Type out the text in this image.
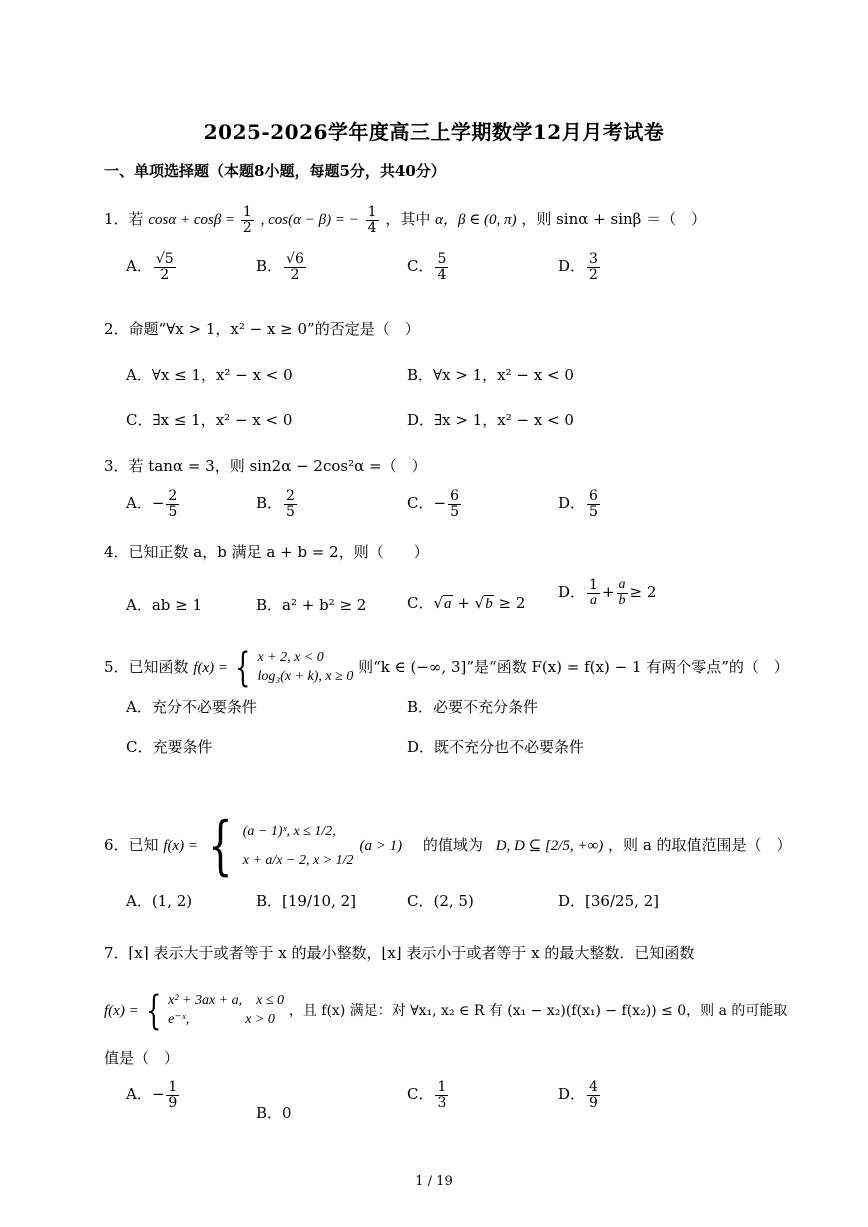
2025-2026学年度高三上学期数学12月月考试卷
一、单项选择题（本题8小题，每题5分，共40分）
1．若 $\cos\alpha + \cos\beta = \frac{1}{2}$ , cos(α − β) = − $\frac{1}{4}$ ，其中 α，β ∈ (0, π) ，则 sinα + sinβ ＝（　）
A． $\frac{√5}{2}$	B． $\frac{√6}{2}$	C． $\frac{5}{4}$	D． $\frac{3}{2}$
2．命题“∀x > 1，x² − x ≥ 0”的否定是（　）
A．∀x ≤ 1，x² − x < 0	B．∀x > 1，x² − x < 0
C．∃x ≤ 1，x² − x < 0	D．∃x > 1，x² − x < 0
3．若 tanα = 3，则 sin2α − 2cos²α =（　）
A．− $\frac{2}{5}$	B． $\frac{2}{5}$	C．− $\frac{6}{5}$	D． $\frac{6}{5}$
4．已知正数 a，b 满足 a + b = 2，则（　　）
A．ab ≥ 1	B．a² + b² ≥ 2	C．√a + √b ≥ 2
D． $\frac{1}{a} + \frac{a}{b} \ge 2$
5．已知函数 f(x) = { x + 2, x < 0
log₃(x + k), x ≥ 0
则“k ∈ (−∞, 3]”是“函数 F(x) = f(x) − 1 有两个零点”的（　）
A．充分不必要条件	B．必要不充分条件
C．充要条件	D．既不充分也不必要条件
6．已知 f(x) = { (a − 1)ˣ, x ≤ 1/2,
x + a/x − 2, x > 1/2
(a > 1) 的值域为 D, D ⊆ [2/5, +∞) ，则 a 的取值范围是（　）
A．(1, 2)	B．[19/10, 2]	C．(2, 5)	D．[36/25, 2]
7．⌈x⌉ 表示大于或者等于 x 的最小整数，⌊x⌋ 表示小于或者等于 x 的最大整数．已知函数
f(x) = { x² + 3ax + a,　x ≤ 0
e⁻ˣ,　　　　x > 0
，且 f(x) 满足：对 ∀x₁, x₂ ∈ R 有 (x₁ − x₂)(f(x₁) − f(x₂)) ≤ 0，则 a 的可能取
值是（　）
A．− $\frac{1}{9}$
B．0
C． $\frac{1}{3}$	D． $\frac{4}{9}$
1 / 19
